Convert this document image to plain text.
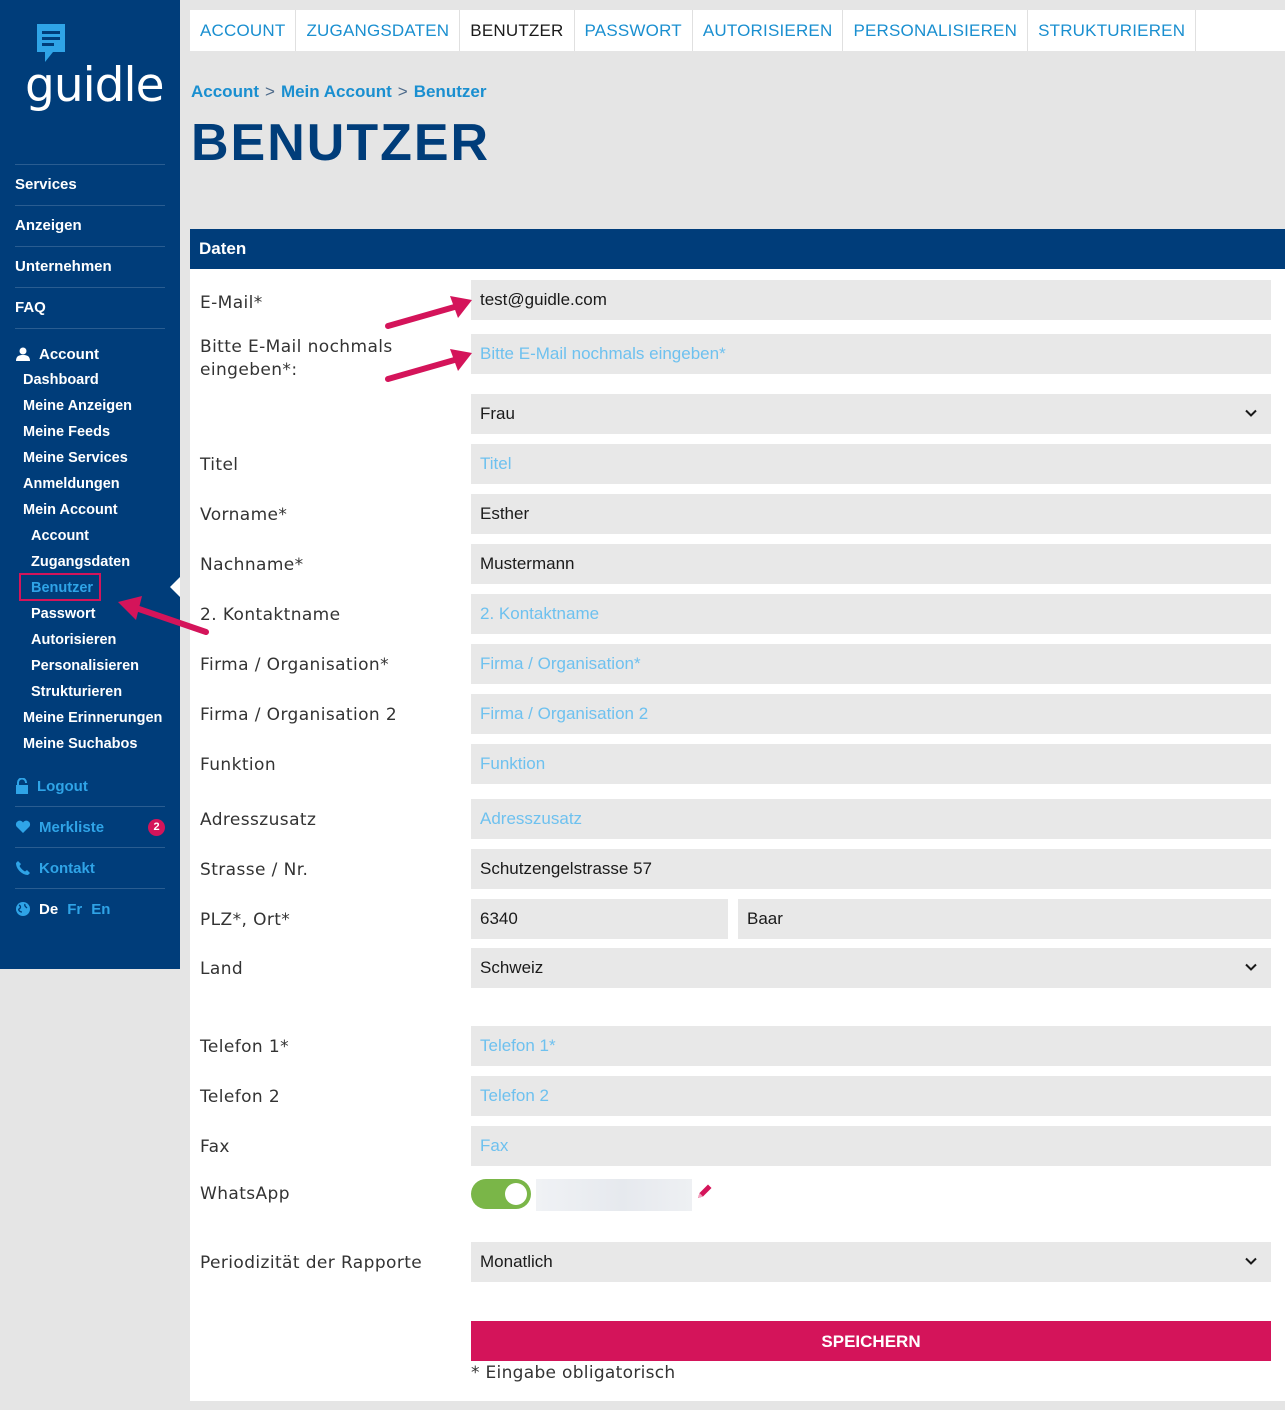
guidle
Services
Anzeigen
Unternehmen
FAQ
Account
Dashboard
Meine Anzeigen
Meine Feeds
Meine Services
Anmeldungen
Mein Account
Account
Zugangsdaten
Benutzer
Passwort
Autorisieren
Personalisieren
Strukturieren
Meine Erinnerungen
Meine Suchabos
Logout
Merkliste	2
Kontakt
De Fr En
ACCOUNT	ZUGANGSDATEN	BENUTZER	PASSWORT	AUTORISIEREN	PERSONALISIEREN	STRUKTURIEREN
Account > Mein Account > Benutzer
BENUTZER
Daten
E-Mail*	test@guidle.com
Bitte E-Mail nochmals eingeben*:
Bitte E-Mail nochmals eingeben*
Frau
Titel	Titel
Vorname*	Esther
Nachname*	Mustermann
2. Kontaktname	2. Kontaktname
Firma / Organisation*	Firma / Organisation*
Firma / Organisation 2	Firma / Organisation 2
Funktion	Funktion
Adresszusatz	Adresszusatz
Strasse / Nr.	Schutzengelstrasse 57
PLZ*, Ort*	6340	Baar
Land	Schweiz
Telefon 1*	Telefon 1*
Telefon 2	Telefon 2
Fax	Fax
WhatsApp
Periodizität der Rapporte	Monatlich
SPEICHERN
* Eingabe obligatorisch
